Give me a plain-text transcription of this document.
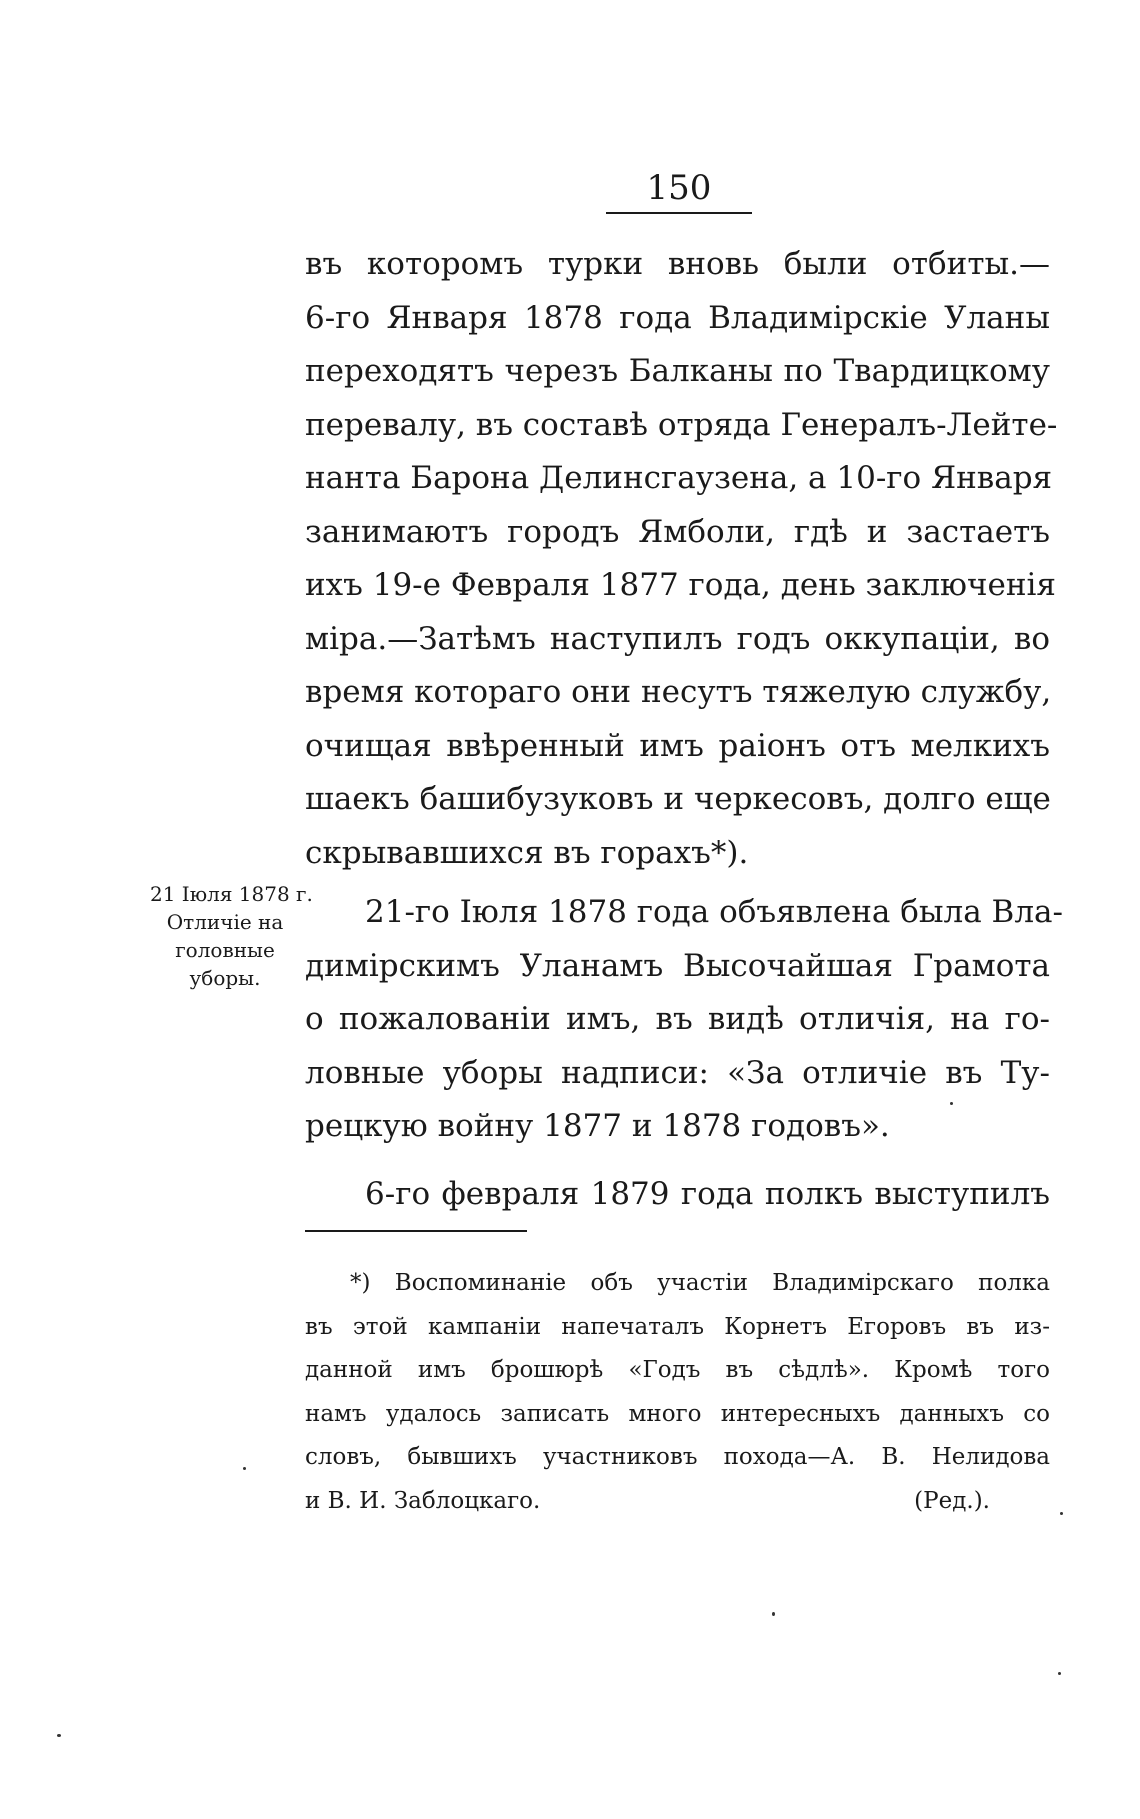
150
въ которомъ турки вновь были отбиты.—
6-го Января 1878 года Владимірскіе Уланы
переходятъ черезъ Балканы по Твардицкому
перевалу, въ составѣ отряда Генералъ-Лейте-
нанта Барона Делинсгаузена, а 10-го Января
занимаютъ городъ Ямболи, гдѣ и застаетъ
ихъ 19-е Февраля 1877 года, день заключенія
міра.—Затѣмъ наступилъ годъ оккупаціи, во
время котораго они несутъ тяжелую службу,
очищая ввѣренный имъ раіонъ отъ мелкихъ
шаекъ башибузуковъ и черкесовъ, долго еще
скрывавшихся въ горахъ*).
21-го Іюля 1878 года объявлена была Вла-
димірскимъ Уланамъ Высочайшая Грамота
о пожалованіи имъ, въ видѣ отличія, на го-
ловные уборы надписи: «За отличіе въ Ту-
рецкую войну 1877 и 1878 годовъ».
6-го февраля 1879 года полкъ выступилъ
21 Іюля 1878 г.
Отличіе на
головные
уборы.
*) Воспоминаніе объ участіи Владимірскаго полка
въ этой кампаніи напечаталъ Корнетъ Егоровъ въ из-
данной имъ брошюрѣ «Годъ въ сѣдлѣ». Кромѣ того
намъ удалось записать много интересныхъ данныхъ со
словъ, бывшихъ участниковъ похода—А. В. Нелидова
и В. И. Заблоцкаго.	(Ред.).
